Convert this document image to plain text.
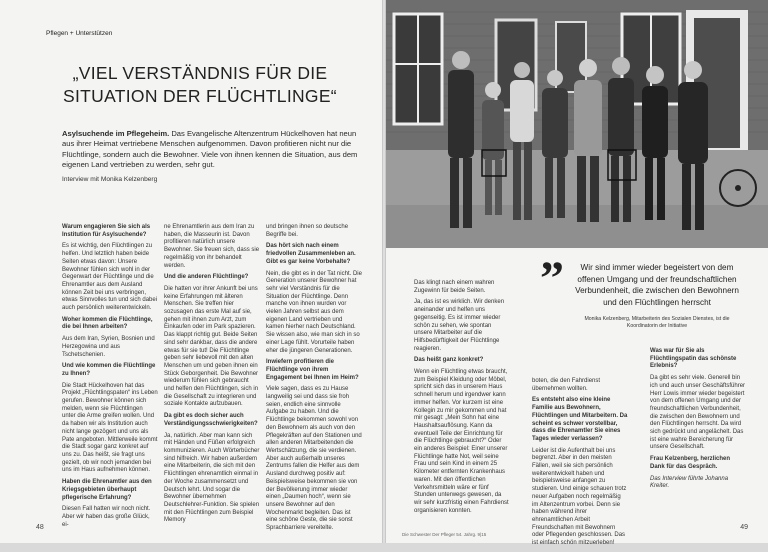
Pflegen + Unterstützen
„VIEL VERSTÄNDNIS FÜR DIE
SITUATION DER FLÜCHTLINGE“
Asylsuchende im Pflegeheim. Das Evangelische Altenzentrum Hückelhoven hat neun aus ihrer Heimat vertriebene Menschen aufgenommen. Davon profitieren nicht nur die Flüchtlinge, sondern auch die Bewohner. Viele von ihnen kennen die Situation, aus dem eigenen Land vertrieben zu werden, sehr gut.
Interview mit Monika Kelzenberg

Warum engagieren Sie sich als Institution für Asylsuchende?

Es ist wichtig, den Flüchtlingen zu helfen. Und letztlich haben beide Seiten etwas davon: Unsere Bewohner fühlen sich wohl in der Gegenwart der Flüchtlinge und die Ehrenamtler aus dem Ausland können Zeit bei uns verbringen, etwas Sinnvolles tun und sich dabei auch persönlich weiterentwickeln.

Woher kommen die Flüchtlinge, die bei Ihnen arbeiten?

Aus dem Iran, Syrien, Bosnien und Herzegowina und aus Tschetschenien.

Und wie kommen die Flüchtlinge zu Ihnen?

Die Stadt Hückelhoven hat das Projekt „Flüchtlingspaten“ ins Leben gerufen. Bewohner können sich melden, wenn sie Flüchtlingen unter die Arme greifen wollen. Und da haben wir als Institution auch nicht lange gezögert und uns als Pate angeboten. Mittlerweile kommt die Stadt sogar ganz konkret auf uns zu. Das heißt, sie fragt uns gezielt, ob wir noch jemanden bei uns im Haus aufnehmen können.

Haben die Ehrenamtler aus den Kriegsgebieten überhaupt pflegerische Erfahrung?

Diesen Fall hatten wir noch nicht. Aber wir haben das große Glück, ei-

ne Ehrenamtlerin aus dem Iran zu haben, die Masseurin ist. Davon profitieren natürlich unsere Bewohner. Sie freuen sich, dass sie regelmäßig von ihr behandelt werden.

Und die anderen Flüchtlinge?

Die hatten vor ihrer Ankunft bei uns keine Erfahrungen mit älteren Menschen. Sie treffen hier sozusagen das erste Mal auf sie, gehen mit ihnen zum Arzt, zum Einkaufen oder im Park spazieren. Das klappt richtig gut. Beide Seiten sind sehr dankbar, dass die andere etwas für sie tut! Die Flüchtlinge geben sehr liebevoll mit den alten Menschen um und geben ihnen ein Stück Geborgenheit. Die Bewohner wiederum fühlen sich gebraucht und helfen den Flüchtlingen, sich in die Gesellschaft zu integrieren und soziale Kontakte aufzubauen.

Da gibt es doch sicher auch Verständigungsschwierigkeiten?

Ja, natürlich. Aber man kann sich mit Händen und Füßen erfolgreich kommunizieren. Auch Wörterbücher sind hilfreich. Wir haben außerdem eine Mitarbeiterin, die sich mit den Flüchtlingen ehrenamtlich einmal in der Woche zusammensetzt und Deutsch lehrt. Und sogar die Bewohner übernehmen Deutschlehrer-Funktion. Sie spielen mit den Flüchtlingen zum Beispiel Memory

und bringen ihnen so deutsche Begriffe bei.

Das hört sich nach einem friedvollen Zusammenleben an. Gibt es gar keine Vorbehalte?

Nein, die gibt es in der Tat nicht. Die Generation unserer Bewohner hat sehr viel Verständnis für die Situation der Flüchtlinge. Denn manche von ihnen wurden vor vielen Jahren selbst aus dem eigenen Land vertrieben und kamen hierher nach Deutschland. Sie wissen also, wie man sich in so einer Lage fühlt. Vorurteile haben eher die jüngeren Generationen.

Inwiefern profitieren die Flüchtlinge von ihrem Engagement bei Ihnen im Heim?

Viele sagen, dass es zu Hause langweilig sei und dass sie froh seien, endlich eine sinnvolle Aufgabe zu haben. Und die Flüchtlinge bekommen sowohl von den Bewohnern als auch von den Pflegekräften auf den Stationen und allen anderen Mitarbeitenden die Wertschätzung, die sie verdienen. Aber auch außerhalb unseres Zentrums fallen die Helfer aus dem Ausland durchweg positiv auf: Beispielsweise bekommen sie von der Bevölkerung immer wieder einen „Daumen hoch“, wenn sie unsere Bewohner auf den Wochenmarkt begleiten. Das ist eine schöne Geste, die sie sonst Sprachbarriere vereitelte.

48
”	Wir sind immer wieder begeistert von dem offenen Umgang und der freundschaftlichen Verbundenheit, die zwischen den Bewohnern und den Flüchtlingen herrscht
Monika Kelzenberg, Mitarbeiterin des Sozialen Dienstes, ist die Koordinatorin der Initiative

Das klingt nach einem wahren Zugewinn für beide Seiten.

Ja, das ist es wirklich. Wir denken aneinander und helfen uns gegenseitig. Es ist immer wieder schön zu sehen, wie spontan unsere Mitarbeiter auf die Hilfsbedürftigkeit der Flüchtlinge reagieren.

Das heißt ganz konkret?

Wenn ein Flüchtling etwas braucht, zum Beispiel Kleidung oder Möbel, spricht sich das in unserem Haus schnell herum und irgendwer kann immer helfen. Vor kurzem ist eine Kollegin zu mir gekommen und hat mir gesagt: „Mein Sohn hat eine Haushaltsauflösung. Kann da eventuell Teile der Einrichtung für die Flüchtlinge gebraucht?“ Oder ein anderes Beispiel: Einer unserer Flüchtlinge hatte Not, weil seine Frau und sein Kind in einem 25 Kilometer entfernten Krankenhaus waren. Mit den öffentlichen Verkehrsmitteln wäre er fünf Stunden unterwegs gewesen, da wir sehr kurzfristig einen Fahrdienst organisieren konnten.

boten, die den Fahrdienst übernehmen wollten.

Es entsteht also eine kleine Familie aus Bewohnern, Flüchtlingen und Mitarbeitern. Da scheint es schwer vorstellbar, dass die Ehrenamtler Sie eines Tages wieder verlassen?

Leider ist die Aufenthalt bei uns begrenzt. Aber in den meisten Fällen, weil sie sich persönlich weiterentwickelt haben und beispielsweise anfangen zu studieren. Und einige schauen trotz neuer Aufgaben noch regelmäßig im Altenzentrum vorbei. Denn sie haben während ihrer ehrenamtlichen Arbeit Freundschaften mit Bewohnern oder Pflegenden geschlossen. Das ist einfach schön mitzuerleben!

Was war für Sie als Flüchtlingspatin das schönste Erlebnis?

Da gibt es sehr viele. Generell bin ich und auch unser Geschäftsführer Herr Lowis immer wieder begeistert von dem offenen Umgang und der freundschaftlichen Verbundenheit, die zwischen den Bewohnern und den Flüchtlingen herrscht. Da wird sich gedrückt und angelächelt. Das ist eine wahre Bereicherung für unsere Gesellschaft.

Frau Kelzenberg, herzlichen Dank für das Gespräch.

Das Interview führte Johanna Kreiter.

Die Schwester Der Pfleger 54. Jahrg. 9|15
49
